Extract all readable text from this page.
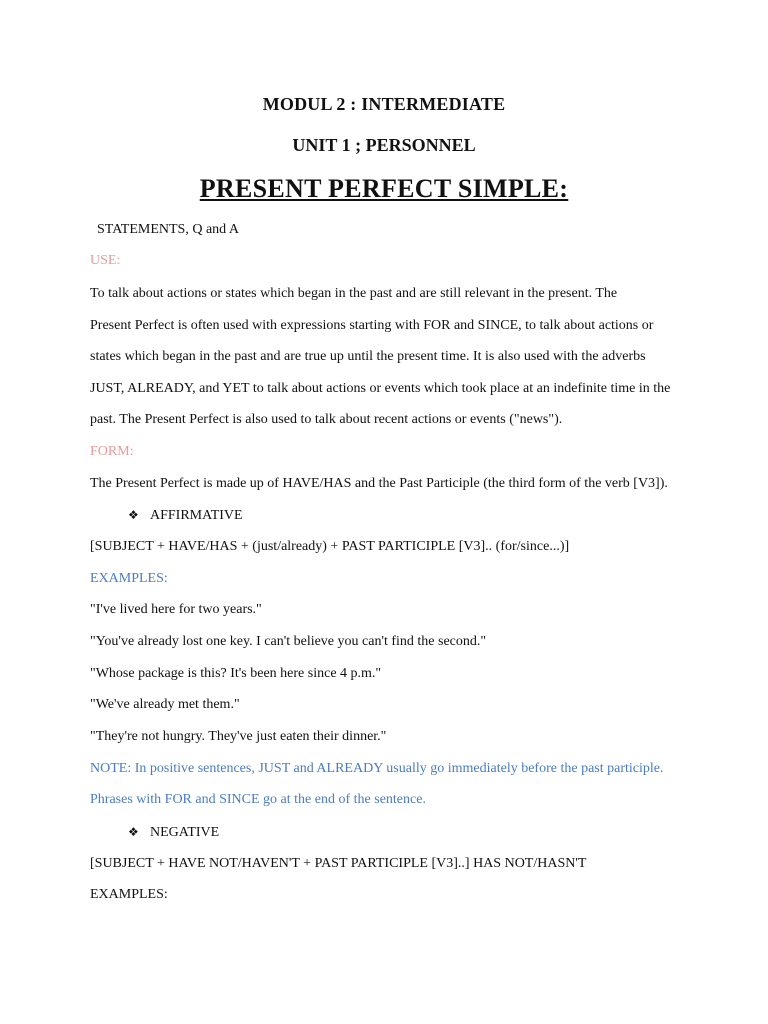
MODUL 2 : INTERMEDIATE
UNIT 1 ; PERSONNEL
PRESENT PERFECT SIMPLE:
STATEMENTS, Q and A
USE:
To talk about actions or states which began in the past and are still relevant in the present. The
Present Perfect is often used with expressions starting with FOR and SINCE, to talk about actions or
states which began in the past and are true up until the present time. It is also used with the adverbs
JUST, ALREADY, and YET to talk about actions or events which took place at an indefinite time in the
past. The Present Perfect is also used to talk about recent actions or events ("news").
FORM:
The Present Perfect is made up of HAVE/HAS and the Past Participle (the third form of the verb [V3]).
❖ AFFIRMATIVE
[SUBJECT + HAVE/HAS + (just/already) + PAST PARTICIPLE [V3].. (for/since...)]
EXAMPLES:
"I've lived here for two years."
"You've already lost one key. I can't believe you can't find the second."
"Whose package is this? It's been here since 4 p.m."
"We've already met them."
"They're not hungry. They've just eaten their dinner."
NOTE: In positive sentences, JUST and ALREADY usually go immediately before the past participle.
Phrases with FOR and SINCE go at the end of the sentence.
❖ NEGATIVE
[SUBJECT + HAVE NOT/HAVEN'T + PAST PARTICIPLE [V3]..] HAS NOT/HASN'T
EXAMPLES:
